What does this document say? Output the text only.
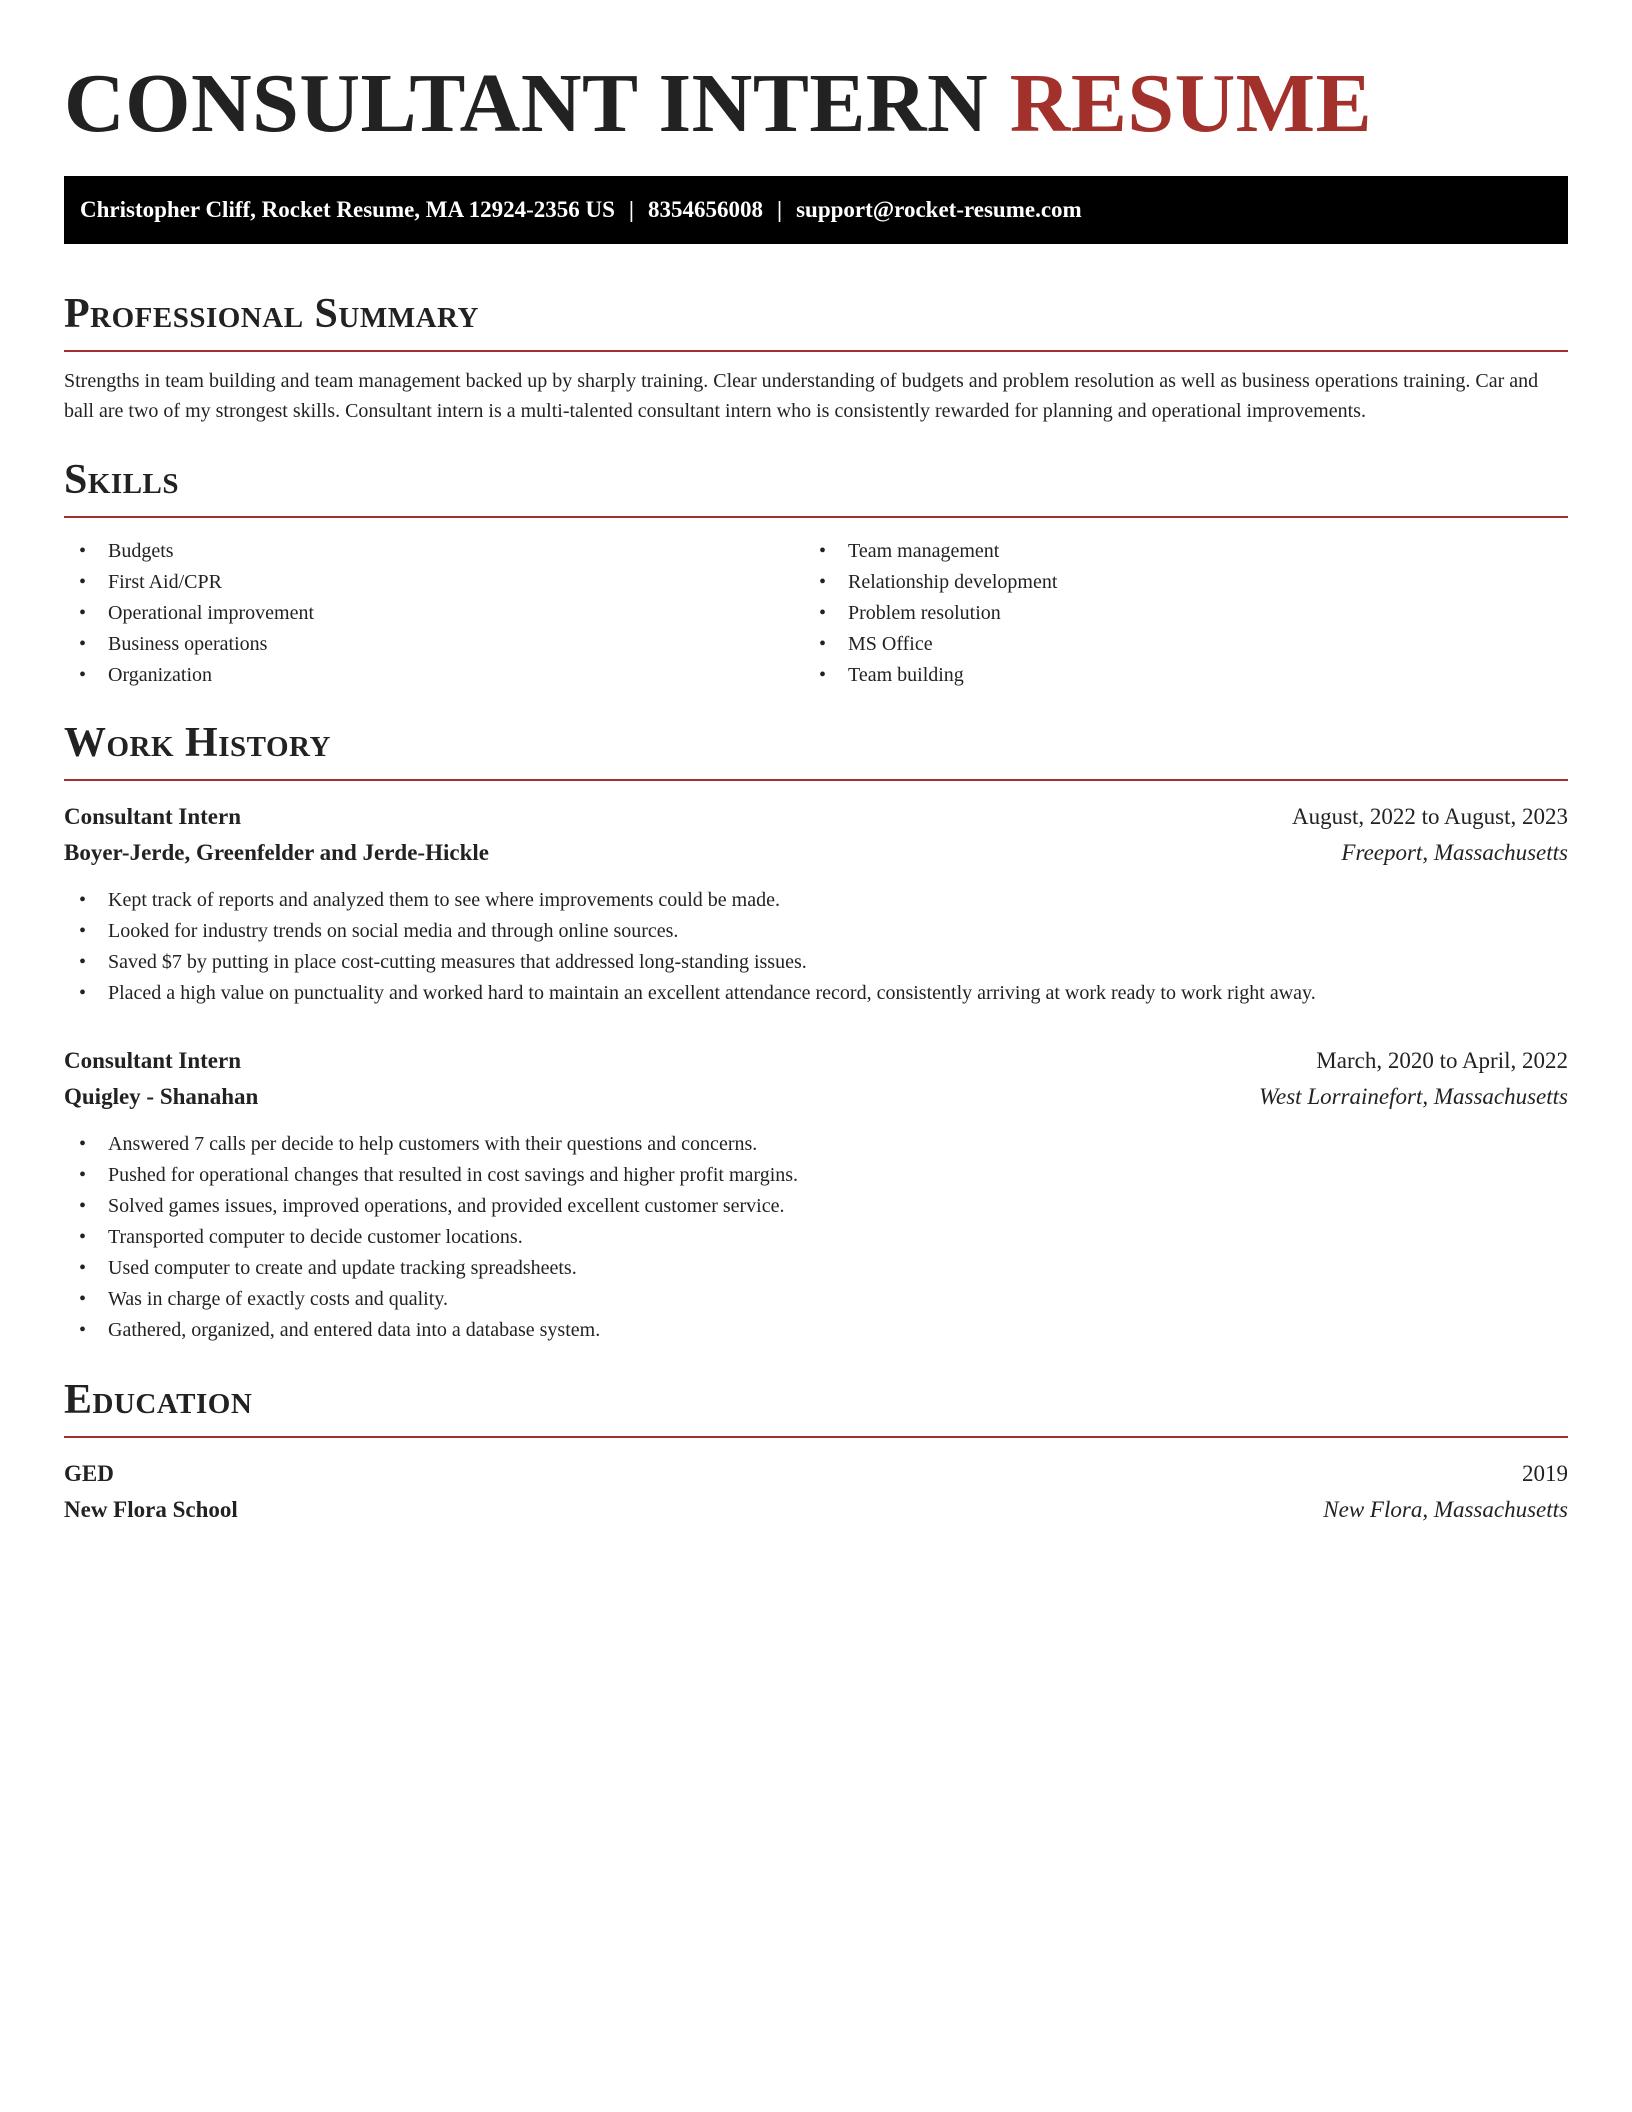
CONSULTANT INTERN RESUME
Christopher Cliff, Rocket Resume, MA 12924-2356 US | 8354656008 | support@rocket-resume.com
Professional Summary

Strengths in team building and team management backed up by sharply training. Clear understanding of budgets and problem resolution as well as business operations training. Car and ball are two of my strongest skills. Consultant intern is a multi-talented consultant intern who is consistently rewarded for planning and operational improvements.

Skills
• Budgets
• First Aid/CPR
• Operational improvement
• Business operations
• Organization
• Team management
• Relationship development
• Problem resolution
• MS Office
• Team building
Work History
Consultant Intern	August, 2022 to August, 2023
Boyer-Jerde, Greenfelder and Jerde-Hickle	Freeport, Massachusetts
• Kept track of reports and analyzed them to see where improvements could be made.
• Looked for industry trends on social media and through online sources.
• Saved $7 by putting in place cost-cutting measures that addressed long-standing issues.
• Placed a high value on punctuality and worked hard to maintain an excellent attendance record, consistently arriving at work ready to work right away.
Consultant Intern	March, 2020 to April, 2022
Quigley - Shanahan	West Lorrainefort, Massachusetts
• Answered 7 calls per decide to help customers with their questions and concerns.
• Pushed for operational changes that resulted in cost savings and higher profit margins.
• Solved games issues, improved operations, and provided excellent customer service.
• Transported computer to decide customer locations.
• Used computer to create and update tracking spreadsheets.
• Was in charge of exactly costs and quality.
• Gathered, organized, and entered data into a database system.
Education
GED	2019
New Flora School	New Flora, Massachusetts
